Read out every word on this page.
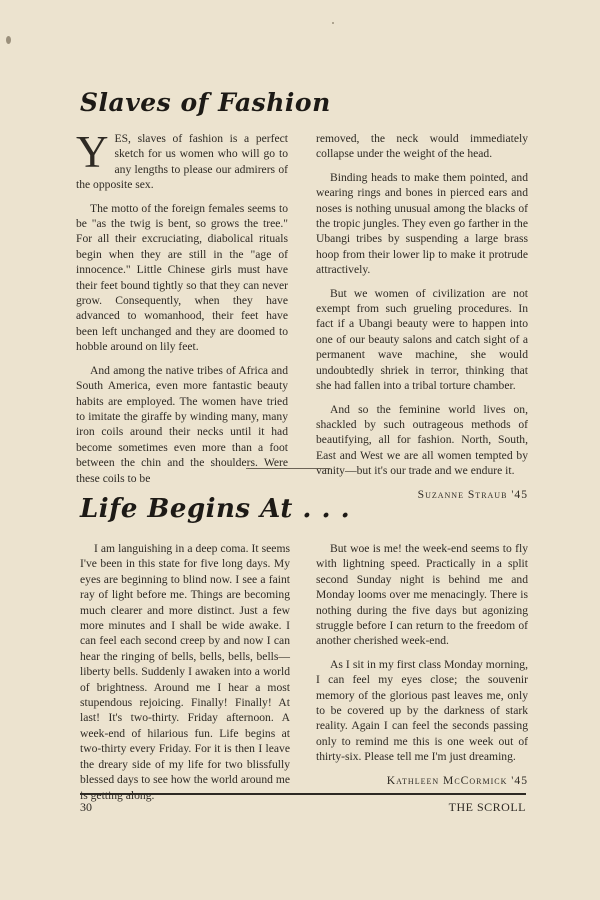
Slaves of Fashion

YES, slaves of fashion is a perfect sketch for us women who will go to any lengths to please our admirers of the opposite sex.

The motto of the foreign females seems to be "as the twig is bent, so grows the tree." For all their excruciating, diabolical rituals begin when they are still in the "age of innocence." Little Chinese girls must have their feet bound tightly so that they can never grow. Consequently, when they have advanced to womanhood, their feet have been left unchanged and they are doomed to hobble around on lily feet.

And among the native tribes of Africa and South America, even more fantastic beauty habits are employed. The women have tried to imitate the giraffe by winding many, many iron coils around their necks until it had become sometimes even more than a foot between the chin and the shoulders. Were these coils to be

removed, the neck would immediately collapse under the weight of the head.

Binding heads to make them pointed, and wearing rings and bones in pierced ears and noses is nothing unusual among the blacks of the tropic jungles. They even go farther in the Ubangi tribes by suspending a large brass hoop from their lower lip to make it protrude attractively.

But we women of civilization are not exempt from such grueling procedures. In fact if a Ubangi beauty were to happen into one of our beauty salons and catch sight of a permanent wave machine, she would undoubtedly shriek in terror, thinking that she had fallen into a tribal torture chamber.

And so the feminine world lives on, shackled by such outrageous methods of beautifying, all for fashion. North, South, East and West we are all women tempted by vanity—but it's our trade and we endure it.

Suzanne Straub '45

Life Begins At . . .

I am languishing in a deep coma. It seems I've been in this state for five long days. My eyes are beginning to blind now. I see a faint ray of light before me. Things are becoming much clearer and more distinct. Just a few more minutes and I shall be wide awake. I can feel each second creep by and now I can hear the ringing of bells, bells, bells, bells—liberty bells. Suddenly I awaken into a world of brightness. Around me I hear a most stupendous rejoicing. Finally! Finally! At last! It's two-thirty. Friday afternoon. A week-end of hilarious fun. Life begins at two-thirty every Friday. For it is then I leave the dreary side of my life for two blissfully blessed days to see how the world around me is getting along.

But woe is me! the week-end seems to fly with lightning speed. Practically in a split second Sunday night is behind me and Monday looms over me menacingly. There is nothing during the five days but agonizing struggle before I can return to the freedom of another cherished week-end.

As I sit in my first class Monday morning, I can feel my eyes close; the souvenir memory of the glorious past leaves me, only to be covered up by the darkness of stark reality. Again I can feel the seconds passing only to remind me this is one week out of thirty-six. Please tell me I'm just dreaming.

Kathleen McCormick '45

30	THE SCROLL
